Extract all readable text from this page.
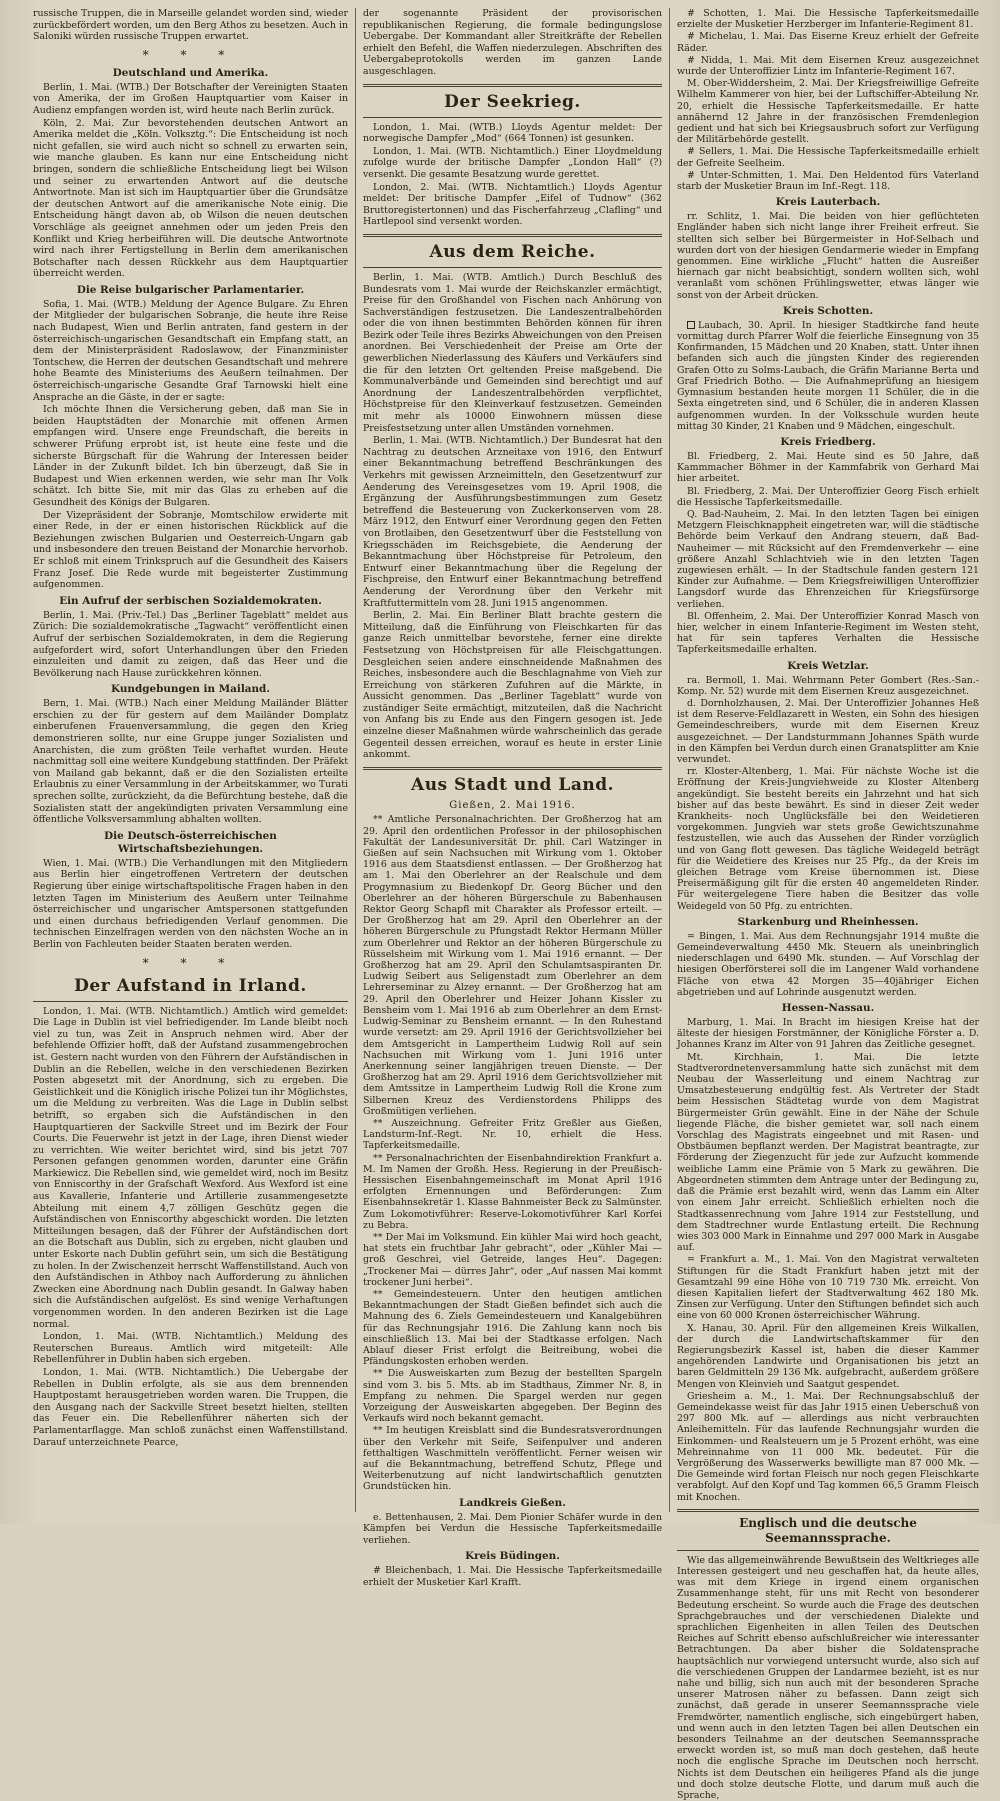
russische Truppen, die in Marseille gelandet worden sind, wieder zurückbefördert worden, um den Berg Athos zu besetzen. Auch in Saloniki würden russische Truppen erwartet.

* * *
Deutschland und Amerika.

Berlin, 1. Mai. (WTB.) Der Botschafter der Vereinigten Staaten von Amerika, der im Großen Hauptquartier vom Kaiser in Audienz empfangen worden ist, wird heute nach Berlin zurück.

Köln, 2. Mai. Zur bevorstehenden deutschen Antwort an Amerika meldet die „Köln. Volksztg.“: Die Entscheidung ist noch nicht gefallen, sie wird auch nicht so schnell zu erwarten sein, wie manche glauben. Es kann nur eine Entscheidung nicht bringen, sondern die schließliche Entscheidung liegt bei Wilson und seiner zu erwartenden Antwort auf die deutsche Antwortnote. Man ist sich im Hauptquartier über die Grundsätze der deutschen Antwort auf die amerikanische Note einig. Die Entscheidung hängt davon ab, ob Wilson die neuen deutschen Vorschläge als geeignet annehmen oder um jeden Preis den Konflikt und Krieg herbeiführen will. Die deutsche Antwortnote wird nach ihrer Fertigstellung in Berlin dem amerikanischen Botschafter nach dessen Rückkehr aus dem Hauptquartier überreicht werden.

Die Reise bulgarischer Parlamentarier.

Sofia, 1. Mai. (WTB.) Meldung der Agence Bulgare. Zu Ehren der Mitglieder der bulgarischen Sobranje, die heute ihre Reise nach Budapest, Wien und Berlin antraten, fand gestern in der österreichisch-ungarischen Gesandtschaft ein Empfang statt, an dem der Ministerpräsident Radoslawow, der Finanzminister Tontschew, die Herren der deutschen Gesandtschaft und mehrere hohe Beamte des Ministeriums des Aeußern teilnahmen. Der österreichisch-ungarische Gesandte Graf Tarnowski hielt eine Ansprache an die Gäste, in der er sagte:

Ich möchte Ihnen die Versicherung geben, daß man Sie in beiden Hauptstädten der Monarchie mit offenen Armen empfangen wird. Unsere enge Freundschaft, die bereits in schwerer Prüfung erprobt ist, ist heute eine feste und die sicherste Bürgschaft für die Wahrung der Interessen beider Länder in der Zukunft bildet. Ich bin überzeugt, daß Sie in Budapest und Wien erkennen werden, wie sehr man Ihr Volk schätzt. Ich bitte Sie, mit mir das Glas zu erheben auf die Gesundheit des Königs der Bulgaren.

Der Vizepräsident der Sobranje, Momtschilow erwiderte mit einer Rede, in der er einen historischen Rückblick auf die Beziehungen zwischen Bulgarien und Oesterreich-Ungarn gab und insbesondere den treuen Beistand der Monarchie hervorhob. Er schloß mit einem Trinkspruch auf die Gesundheit des Kaisers Franz Josef. Die Rede wurde mit begeisterter Zustimmung aufgenommen.

Ein Aufruf der serbischen Sozialdemokraten.

Berlin, 1. Mai. (Priv.-Tel.) Das „Berliner Tageblatt“ meldet aus Zürich: Die sozialdemokratische „Tagwacht“ veröffentlicht einen Aufruf der serbischen Sozialdemokraten, in dem die Regierung aufgefordert wird, sofort Unterhandlungen über den Frieden einzuleiten und damit zu zeigen, daß das Heer und die Bevölkerung nach Hause zurückkehren können.

Kundgebungen in Mailand.

Bern, 1. Mai. (WTB.) Nach einer Meldung Mailänder Blätter erschien zu der für gestern auf dem Mailänder Domplatz einberufenen Frauenversammlung, die gegen den Krieg demonstrieren sollte, nur eine Gruppe junger Sozialisten und Anarchisten, die zum größten Teile verhaftet wurden. Heute nachmittag soll eine weitere Kundgebung stattfinden. Der Präfekt von Mailand gab bekannt, daß er die den Sozialisten erteilte Erlaubnis zu einer Versammlung in der Arbeitskammer, wo Turati sprechen sollte, zurückzieht, da die Befürchtung bestehe, daß die Sozialisten statt der angekündigten privaten Versammlung eine öffentliche Volksversammlung abhalten wollten.

Die Deutsch-österreichischen Wirtschaftsbeziehungen.

Wien, 1. Mai. (WTB.) Die Verhandlungen mit den Mitgliedern aus Berlin hier eingetroffenen Vertretern der deutschen Regierung über einige wirtschaftspolitische Fragen haben in den letzten Tagen im Ministerium des Aeußern unter Teilnahme österreichischer und ungarischer Amtspersonen stattgefunden und einen durchaus befriedigenden Verlauf genommen. Die technischen Einzelfragen werden von den nächsten Woche an in Berlin von Fachleuten beider Staaten beraten werden.

* * *
Der Aufstand in Irland.

London, 1. Mai. (WTB. Nichtamtlich.) Amtlich wird gemeldet: Die Lage in Dublin ist viel befriedigender. Im Lande bleibt noch viel zu tun, was Zeit in Anspruch nehmen wird. Aber der befehlende Offizier hofft, daß der Aufstand zusammengebrochen ist. Gestern nacht wurden von den Führern der Aufständischen in Dublin an die Rebellen, welche in den verschiedenen Bezirken Posten abgesetzt mit der Anordnung, sich zu ergeben. Die Geistlichkeit und die Königlich irische Polizei tun ihr Möglichstes, um die Meldung zu verbreiten. Was die Lage in Dublin selbst betrifft, so ergaben sich die Aufständischen in den Hauptquartieren der Sackville Street und im Bezirk der Four Courts. Die Feuerwehr ist jetzt in der Lage, ihren Dienst wieder zu verrichten. Wie weiter berichtet wird, sind bis jetzt 707 Personen gefangen genommen worden, darunter eine Gräfin Markiewicz. Die Rebellen sind, wie gemeldet wird, noch im Besitz von Enniscorthy in der Grafschaft Wexford. Aus Wexford ist eine aus Kavallerie, Infanterie und Artillerie zusammengesetzte Abteilung mit einem 4,7 zölligen Geschütz gegen die Aufständischen von Enniscorthy abgeschickt worden. Die letzten Mitteilungen besagen, daß der Führer der Aufständischen dort an die Botschaft aus Dublin, sich zu ergeben, nicht glauben und unter Eskorte nach Dublin geführt sein, um sich die Bestätigung zu holen. In der Zwischenzeit herrscht Waffenstillstand. Auch von den Aufständischen in Athboy nach Aufforderung zu ähnlichen Zwecken eine Abordnung nach Dublin gesandt. In Galway haben sich die Aufständischen aufgelöst. Es sind wenige Verhaftungen vorgenommen worden. In den anderen Bezirken ist die Lage normal.

London, 1. Mai. (WTB. Nichtamtlich.) Meldung des Reuterschen Bureaus. Amtlich wird mitgeteilt: Alle Rebellenführer in Dublin haben sich ergeben.

London, 1. Mai. (WTB. Nichtamtlich.) Die Uebergabe der Rebellen in Dublin erfolgte, als sie aus dem brennenden Hauptpostamt herausgetrieben worden waren. Die Truppen, die den Ausgang nach der Sackville Street besetzt hielten, stellten das Feuer ein. Die Rebellenführer näherten sich der Parlamentarflagge. Man schloß zunächst einen Waffenstillstand. Darauf unterzeichnete Pearce,

der sogenannte Präsident der provisorischen republikanischen Regierung, die formale bedingungslose Uebergabe. Der Kommandant aller Streitkräfte der Rebellen erhielt den Befehl, die Waffen niederzulegen. Abschriften des Uebergabeprotokolls werden im ganzen Lande ausgeschlagen.

Der Seekrieg.

London, 1. Mai. (WTB.) Lloyds Agentur meldet: Der norwegische Dampfer „Mod“ (664 Tonnen) ist gesunken.

London, 1. Mai. (WTB. Nichtamtlich.) Einer Lloydmeldung zufolge wurde der britische Dampfer „London Hall“ (?) versenkt. Die gesamte Besatzung wurde gerettet.

London, 2. Mai. (WTB. Nichtamtlich.) Lloyds Agentur meldet: Der britische Dampfer „Eifel of Tudnow“ (362 Bruttoregistertonnen) und das Fischerfahrzeug „Clafling“ und Hartlepool sind versenkt worden.

Aus dem Reiche.

Berlin, 1. Mai. (WTB. Amtlich.) Durch Beschluß des Bundesrats vom 1. Mai wurde der Reichskanzler ermächtigt, Preise für den Großhandel von Fischen nach Anhörung von Sachverständigen festzusetzen. Die Landeszentralbehörden oder die von ihnen bestimmten Behörden können für ihren Bezirk oder Teile ihres Bezirks Abweichungen von den Preisen anordnen. Bei Verschiedenheit der Preise am Orte der gewerblichen Niederlassung des Käufers und Verkäufers sind die für den letzten Ort geltenden Preise maßgebend. Die Kommunalverbände und Gemeinden sind berechtigt und auf Anordnung der Landeszentralbehörden verpflichtet, Höchstpreise für den Kleinverkauf festzusetzen. Gemeinden mit mehr als 10000 Einwohnern müssen diese Preisfestsetzung unter allen Umständen vornehmen.

Berlin, 1. Mai. (WTB. Nichtamtlich.) Der Bundesrat hat den Nachtrag zu deutschen Arzneitaxe von 1916, den Entwurf einer Bekanntmachung betreffend Beschränkungen des Verkehrs mit gewissen Arzneimitteln, den Gesetzentwurf zur Aenderung des Vereinsgesetzes vom 19. April 1908, die Ergänzung der Ausführungsbestimmungen zum Gesetz betreffend die Besteuerung von Zuckerkonserven vom 28. März 1912, den Entwurf einer Verordnung gegen den Fetten von Brotlaiben, den Gesetzentwurf über die Feststellung von Kriegsschäden im Reichsgebiete, die Aenderung der Bekanntmachung über Höchstpreise für Petroleum, den Entwurf einer Bekanntmachung über die Regelung der Fischpreise, den Entwurf einer Bekanntmachung betreffend Aenderung der Verordnung über den Verkehr mit Kraftfuttermitteln vom 28. Juni 1915 angenommen.

Berlin, 2. Mai. Ein Berliner Blatt brachte gestern die Mitteilung, daß die Einführung von Fleischkarten für das ganze Reich unmittelbar bevorstehe, ferner eine direkte Festsetzung von Höchstpreisen für alle Fleischgattungen. Desgleichen seien andere einschneidende Maßnahmen des Reiches, insbesondere auch die Beschlagnahme von Vieh zur Erreichung von stärkeren Zufuhren auf die Märkte, in Aussicht genommen. Das „Berliner Tageblatt“ wurde von zuständiger Seite ermächtigt, mitzuteilen, daß die Nachricht von Anfang bis zu Ende aus den Fingern gesogen ist. Jede einzelne dieser Maßnahmen würde wahrscheinlich das gerade Gegenteil dessen erreichen, worauf es heute in erster Linie ankommt.

Aus Stadt und Land.
Gießen, 2. Mai 1916.

** Amtliche Personalnachrichten. Der Großherzog hat am 29. April den ordentlichen Professor in der philosophischen Fakultät der Landesuniversität Dr. phil. Carl Watzinger in Gießen auf sein Nachsuchen mit Wirkung vom 1. Oktober 1916 aus dem Staatsdienst entlassen. — Der Großherzog hat am 1. Mai den Oberlehrer an der Realschule und dem Progymnasium zu Biedenkopf Dr. Georg Bücher und den Oberlehrer an der höheren Bürgerschule zu Babenhausen Rektor Georg Schapfl mit Charakter als Professor erteilt. — Der Großherzog hat am 29. April den Oberlehrer an der höheren Bürgerschule zu Pfungstadt Rektor Hermann Müller zum Oberlehrer und Rektor an der höheren Bürgerschule zu Rüsselsheim mit Wirkung vom 1. Mai 1916 ernannt. — Der Großherzog hat am 29. April den Schulamtsaspiranten Dr. Ludwig Seibert aus Seligenstadt zum Oberlehrer an dem Lehrerseminar zu Alzey ernannt. — Der Großherzog hat am 29. April den Oberlehrer und Heizer Johann Kissler zu Bensheim vom 1. Mai 1916 ab zum Oberlehrer an dem Ernst-Ludwig-Seminar zu Bensheim ernannt. — In den Ruhestand wurde versetzt: am 29. April 1916 der Gerichtsvollzieher bei dem Amtsgericht in Lampertheim Ludwig Roll auf sein Nachsuchen mit Wirkung vom 1. Juni 1916 unter Anerkennung seiner langjährigen treuen Dienste. — Der Großherzog hat am 29. April 1916 dem Gerichtsvollzieher mit dem Amtssitze in Lampertheim Ludwig Roll die Krone zum Silbernen Kreuz des Verdienstordens Philipps des Großmütigen verliehen.

** Auszeichnung. Gefreiter Fritz Greßler aus Gießen, Landsturm-Inf.-Regt. Nr. 10, erhielt die Hess. Tapferkeitsmedaille.

** Personalnachrichten der Eisenbahndirektion Frankfurt a. M. Im Namen der Großh. Hess. Regierung in der Preußisch-Hessischen Eisenbahngemeinschaft im Monat April 1916 erfolgten Ernennungen und Beförderungen: Zum Eisenbahnsekretär 1. Klasse Bahnmeister Beck zu Salmünster. Zum Lokomotivführer: Reserve-Lokomotivführer Karl Korfei zu Bebra.

** Der Mai im Volksmund. Ein kühler Mai wird hoch geacht, hat stets ein fruchtbar Jahr gebracht“, oder „Kühler Mai — groß Geschrei, viel Getreide, langes Heu“. Dagegen: „Trockener Mai — dürres Jahr“, oder „Auf nassen Mai kommt trockener Juni herbei“.

** Gemeindesteuern. Unter den heutigen amtlichen Bekanntmachungen der Stadt Gießen befindet sich auch die Mahnung des 6. Ziels Gemeindesteuern und Kanalgebühren für das Rechnungsjahr 1916. Die Zahlung kann noch bis einschließlich 13. Mai bei der Stadtkasse erfolgen. Nach Ablauf dieser Frist erfolgt die Beitreibung, wobei die Pfändungskosten erhoben werden.

** Die Ausweiskarten zum Bezug der bestellten Spargeln sind vom 3. bis 5. Mts. ab im Stadthaus, Zimmer Nr. 8, in Empfang zu nehmen. Die Spargel werden nur gegen Vorzeigung der Ausweiskarten abgegeben. Der Beginn des Verkaufs wird noch bekannt gemacht.

** Im heutigen Kreisblatt sind die Bundesratsverordnungen über den Verkehr mit Seife, Seifenpulver und anderen fetthaltigen Waschmitteln veröffentlicht. Ferner weisen wir auf die Bekanntmachung, betreffend Schutz, Pflege und Weiterbenutzung auf nicht landwirtschaftlich genutzten Grundstücken hin.

Landkreis Gießen.

e. Bettenhausen, 2. Mai. Dem Pionier Schäfer wurde in den Kämpfen bei Verdun die Hessische Tapferkeitsmedaille verliehen.

Kreis Büdingen.

# Bleichenbach, 1. Mai. Die Hessische Tapferkeitsmedaille erhielt der Musketier Karl Krafft.

# Schotten, 1. Mai. Die Hessische Tapferkeitsmedaille erzielte der Musketier Herzberger im Infanterie-Regiment 81.

# Michelau, 1. Mai. Das Eiserne Kreuz erhielt der Gefreite Räder.

# Nidda, 1. Mai. Mit dem Eisernen Kreuz ausgezeichnet wurde der Unteroffizier Lintz im Infanterie-Regiment 167.

M. Ober-Widdersheim, 2. Mai. Der Kriegsfreiwillige Gefreite Wilhelm Kammerer von hier, bei der Luftschiffer-Abteilung Nr. 20, erhielt die Hessische Tapferkeitsmedaille. Er hatte annähernd 12 Jahre in der französischen Fremdenlegion gedient und hat sich bei Kriegsausbruch sofort zur Verfügung der Militärbehörde gestellt.

# Sellers, 1. Mai. Die Hessische Tapferkeitsmedaille erhielt der Gefreite Seelheim.

# Unter-Schmitten, 1. Mai. Den Heldentod fürs Vaterland starb der Musketier Braun im Inf.-Regt. 118.

Kreis Lauterbach.

rr. Schlitz, 1. Mai. Die beiden von hier geflüchteten Engländer haben sich nicht lange ihrer Freiheit erfreut. Sie stellten sich selber bei Bürgermeister in Hof-Selbach und wurden dort von der hiesigen Gendarmerie wieder in Empfang genommen. Eine wirkliche „Flucht“ hatten die Ausreißer hiernach gar nicht beabsichtigt, sondern wollten sich, wohl veranlaßt vom schönen Frühlingswetter, etwas länger wie sonst von der Arbeit drücken.

Kreis Schotten.

Laubach, 30. April. In hiesiger Stadtkirche fand heute vormittag durch Pfarrer Wolf die feierliche Einsegnung von 35 Konfirmanden, 15 Mädchen und 20 Knaben, statt. Unter ihnen befanden sich auch die jüngsten Kinder des regierenden Grafen Otto zu Solms-Laubach, die Gräfin Marianne Berta und Graf Friedrich Botho. — Die Aufnahmeprüfung an hiesigem Gymnasium bestanden heute morgen 11 Schüler, die in die Sexta eingetreten sind, und 6 Schüler, die in anderen Klassen aufgenommen wurden. In der Volksschule wurden heute mittag 30 Kinder, 21 Knaben und 9 Mädchen, eingeschult.

Kreis Friedberg.

Bl. Friedberg, 2. Mai. Heute sind es 50 Jahre, daß Kammmacher Böhmer in der Kammfabrik von Gerhard Mai hier arbeitet.

Bl. Friedberg, 2. Mai. Der Unteroffizier Georg Fisch erhielt die Hessische Tapferkeitsmedaille.

Q. Bad-Nauheim, 2. Mai. In den letzten Tagen bei einigen Metzgern Fleischknappheit eingetreten war, will die städtische Behörde beim Verkauf den Andrang steuern, daß Bad-Nauheimer — mit Rücksicht auf den Fremdenverkehr — eine größere Anzahl Schlachtvieh wie in den letzten Tagen zugewiesen erhält. — In der Stadtschule fanden gestern 121 Kinder zur Aufnahme. — Dem Kriegsfreiwilligen Unteroffizier Langsdorf wurde das Ehrenzeichen für Kriegsfürsorge verliehen.

Bl. Offenheim, 2. Mai. Der Unteroffizier Konrad Masch von hier, welcher in einem Infanterie-Regiment im Westen steht, hat für sein tapferes Verhalten die Hessische Tapferkeitsmedaille erhalten.

Kreis Wetzlar.

ra. Bermoll, 1. Mai. Wehrmann Peter Gombert (Res.-San.-Komp. Nr. 52) wurde mit dem Eisernen Kreuz ausgezeichnet.

d. Dornholzhausen, 2. Mai. Der Unteroffizier Johannes Heß ist dem Reserve-Feldlazarett in Westen, ein Sohn des hiesigen Gemeindeschreibers, wurde mit dem Eisernen Kreuz ausgezeichnet. — Der Landsturmmann Johannes Späth wurde in den Kämpfen bei Verdun durch einen Granatsplitter am Knie verwundet.

rr. Kloster-Altenberg, 1. Mai. Für nächste Woche ist die Eröffnung der Kreis-Jungviehweide zu Kloster Altenberg angekündigt. Sie besteht bereits ein Jahrzehnt und hat sich bisher auf das beste bewährt. Es sind in dieser Zeit weder Krankheits- noch Unglücksfälle bei den Weidetieren vorgekommen. Jungvieh war stets große Gewichtszunahme festzustellen, wie auch das Aussehen der Rinder vorzüglich und von Gang flott gewesen. Das tägliche Weidegeld beträgt für die Weidetiere des Kreises nur 25 Pfg., da der Kreis im gleichen Betrage vom Kreise übernommen ist. Diese Preisermäßigung gilt für die ersten 40 angemeldeten Rinder. Für weitergelegene Tiere haben die Besitzer das volle Weidegeld von 50 Pfg. zu entrichten.

Starkenburg und Rheinhessen.

= Bingen, 1. Mai. Aus dem Rechnungsjahr 1914 mußte die Gemeindeverwaltung 4450 Mk. Steuern als uneinbringlich niederschlagen und 6490 Mk. stunden. — Auf Vorschlag der hiesigen Oberförsterei soll die im Langener Wald vorhandene Fläche von etwa 42 Morgen 35—40jähriger Eichen abgetrieben und auf Lohrinde ausgenutzt werden.

Hessen-Nassau.

Marburg, 1. Mai. In Bracht im hiesigen Kreise hat der älteste der hiesigen Forstmänner, der Königliche Förster a. D. Johannes Kranz im Alter von 91 Jahren das Zeitliche gesegnet.

Mt. Kirchhain, 1. Mai. Die letzte Stadtverordnetenversammlung hatte sich zunächst mit dem Neubau der Wasserleitung und einem Nachtrag zur Umsatzbesteuerung endgültig fest. Als Vertreter der Stadt beim Hessischen Städtetag wurde von dem Magistrat Bürgermeister Grün gewählt. Eine in der Nähe der Schule liegende Fläche, die bisher gemietet war, soll nach einem Vorschlag des Magistrats eingeebnet und mit Rasen- und Obstbäumen bepflanzt werden. Der Magistrat beantragte, zur Förderung der Ziegenzucht für jede zur Aufzucht kommende weibliche Lamm eine Prämie von 5 Mark zu gewähren. Die Abgeordneten stimmten dem Antrage unter der Bedingung zu, daß die Prämie erst bezahlt wird, wenn das Lamm ein Alter von einem Jahr erreicht. Schließlich erhielten noch die Stadtkassenrechnung vom Jahre 1914 zur Feststellung, und dem Stadtrechner wurde Entlastung erteilt. Die Rechnung wies 303 000 Mark in Einnahme und 297 000 Mark in Ausgabe auf.

= Frankfurt a. M., 1. Mai. Von den Magistrat verwalteten Stiftungen für die Stadt Frankfurt haben jetzt mit der Gesamtzahl 99 eine Höhe von 10 719 730 Mk. erreicht. Von diesen Kapitalien liefert der Stadtverwaltung 462 180 Mk. Zinsen zur Verfügung. Unter den Stiftungen befindet sich auch eine von 60 000 Kronen österreichischer Währung.

X. Hanau, 30. April. Für den allgemeinen Kreis Wilkallen, der durch die Landwirtschaftskammer für den Regierungsbezirk Kassel ist, haben die dieser Kammer angehörenden Landwirte und Organisationen bis jetzt an baren Geldmitteln 29 136 Mk. aufgebracht, außerdem größere Mengen von Kleinvieh und Saatgut gespendet.

Griesheim a. M., 1. Mai. Der Rechnungsabschluß der Gemeindekasse weist für das Jahr 1915 einen Ueberschuß von 297 800 Mk. auf — allerdings aus nicht verbrauchten Anleihemitteln. Für das laufende Rechnungsjahr wurden die Einkommen- und Realsteuern um je 5 Prozent erhöht, was eine Mehreinnahme von 11 000 Mk. bedeutet. Für die Vergrößerung des Wasserwerks bewilligte man 87 000 Mk. — Die Gemeinde wird fortan Fleisch nur noch gegen Fleischkarte verabfolgt. Auf den Kopf und Tag kommen 66,5 Gramm Fleisch mit Knochen.

Englisch und die deutsche Seemannssprache.

Wie das allgemeinwährende Bewußtsein des Weltkrieges alle Interessen gesteigert und neu geschaffen hat, da heute alles, was mit dem Kriege in irgend einem organischen Zusammenhange steht, für uns mit Recht von besonderer Bedeutung erscheint. So wurde auch die Frage des deutschen Sprachgebrauches und der verschiedenen Dialekte und sprachlichen Eigenheiten in allen Teilen des Deutschen Reiches auf Schritt ebenso aufschlußreicher wie interessanter Betrachtungen. Da aber bisher die Soldatensprache hauptsächlich nur vorwiegend untersucht wurde, also sich auf die verschiedenen Gruppen der Landarmee bezieht, ist es nur nahe und billig, sich nun auch mit der besonderen Sprache unserer Matrosen näher zu befassen. Dann zeigt sich zunächst, daß gerade in unserer Seemannssprache viele Fremdwörter, namentlich englische, sich eingebürgert haben, und wenn auch in den letzten Tagen bei allen Deutschen ein besonders Teilnahme an der deutschen Seemannssprache erweckt worden ist, so muß man doch gestehen, daß heute noch die englische Sprache im Deutschen noch herrscht. Nichts ist dem Deutschen ein heiligeres Pfand als die junge und doch stolze deutsche Flotte, und darum muß auch die Sprache,
